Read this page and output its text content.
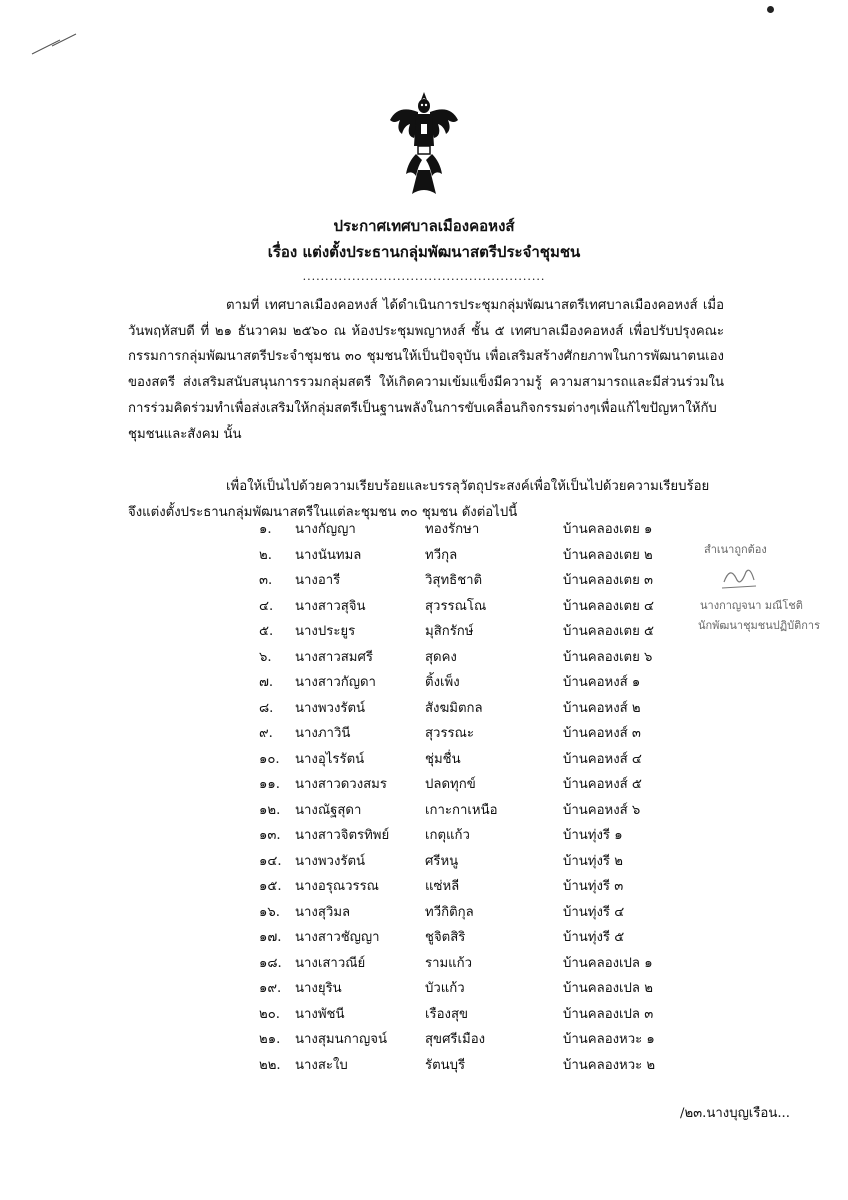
ประกาศเทศบาลเมืองคอหงส์
เรื่อง แต่งตั้งประธานกลุ่มพัฒนาสตรีประจำชุมชน
......................................................
ตามที่ เทศบาลเมืองคอหงส์ ได้ดำเนินการประชุมกลุ่มพัฒนาสตรีเทศบาลเมืองคอหงส์ เมื่อวันพฤหัสบดี ที่ ๒๑ ธันวาคม ๒๕๖๐ ณ ห้องประชุมพญาหงส์ ชั้น ๕ เทศบาลเมืองคอหงส์ เพื่อปรับปรุงคณะกรรมการกลุ่มพัฒนาสตรีประจำชุมชน ๓๐ ชุมชนให้เป็นปัจจุบัน เพื่อเสริมสร้างศักยภาพในการพัฒนาตนเองของสตรี ส่งเสริมสนับสนุนการรวมกลุ่มสตรี ให้เกิดความเข้มแข็งมีความรู้ ความสามารถและมีส่วนร่วมในการร่วมคิดร่วมทำเพื่อส่งเสริมให้กลุ่มสตรีเป็นฐานพลังในการขับเคลื่อนกิจกรรมต่างๆเพื่อแก้ไขปัญหาให้กับชุมชนและสังคม นั้น
เพื่อให้เป็นไปด้วยความเรียบร้อยและบรรลุวัตถุประสงค์เพื่อให้เป็นไปด้วยความเรียบร้อย จึงแต่งตั้งประธานกลุ่มพัฒนาสตรีในแต่ละชุมชน ๓๐ ชุมชน ดังต่อไปนี้
๑. นางกัญญา	ทองรักษา	บ้านคลองเตย ๑
๒. นางนันทมล	ทวีกุล	บ้านคลองเตย ๒
๓. นางอารี	วิสุทธิชาติ	บ้านคลองเตย ๓
๔. นางสาวสุจิน	สุวรรณโณ	บ้านคลองเตย ๔
๕. นางประยูร	มุสิกรักษ์	บ้านคลองเตย ๕
๖. นางสาวสมศรี	สุดคง	บ้านคลองเตย ๖
๗. นางสาวกัญดา	ติ้งเพ็ง	บ้านคอหงส์ ๑
๘. นางพวงรัตน์	สังฆมิตกล	บ้านคอหงส์ ๒
๙. นางภาวินี	สุวรรณะ	บ้านคอหงส์ ๓
๑๐. นางอุไรรัตน์	ชุ่มชื่น	บ้านคอหงส์ ๔
๑๑. นางสาวดวงสมร	ปลดทุกข์	บ้านคอหงส์ ๕
๑๒. นางณัฐสุดา	เกาะกาเหนือ	บ้านคอหงส์ ๖
๑๓. นางสาวจิตรทิพย์	เกตุแก้ว	บ้านทุ่งรี ๑
๑๔. นางพวงรัตน์	ศรีหนู	บ้านทุ่งรี ๒
๑๕. นางอรุณวรรณ	แซ่หลี	บ้านทุ่งรี ๓
๑๖. นางสุวิมล	ทวีกิติกุล	บ้านทุ่งรี ๔
๑๗. นางสาวชัญญา	ชูจิตสิริ	บ้านทุ่งรี ๕
๑๘. นางเสาวณีย์	รามแก้ว	บ้านคลองเปล ๑
๑๙. นางยุริน	บัวแก้ว	บ้านคลองเปล ๒
๒๐. นางพัชนี	เรืองสุข	บ้านคลองเปล ๓
๒๑. นางสุมนกาญจน์	สุขศรีเมือง	บ้านคลองหวะ ๑
๒๒. นางสะใบ	รัตนบุรี	บ้านคลองหวะ ๒
สำเนาถูกต้อง
นางกาญจนา มณีโชติ
นักพัฒนาชุมชนปฏิบัติการ
/๒๓.นางบุญเรือน...
